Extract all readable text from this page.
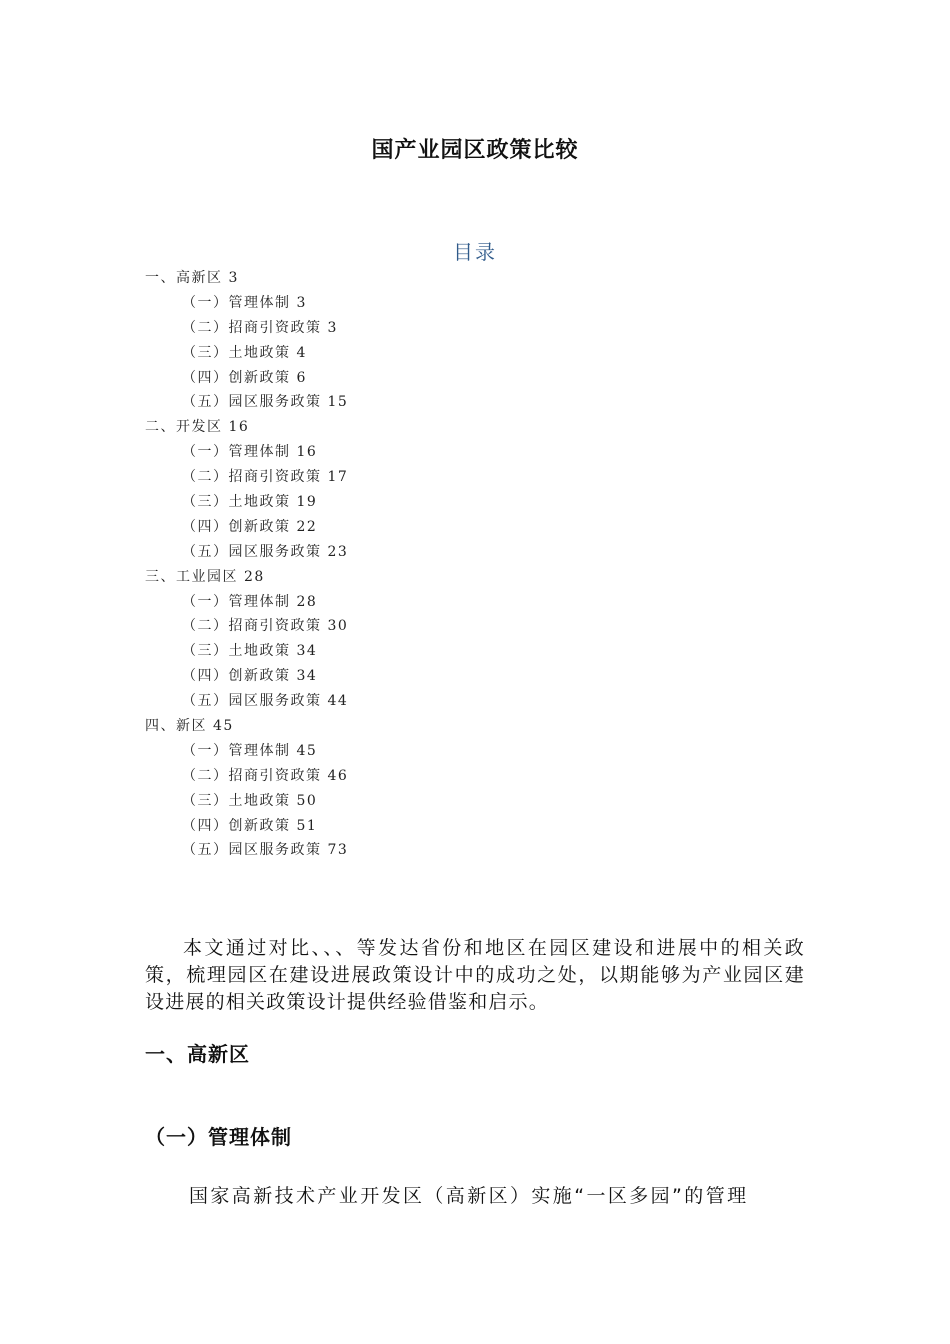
国产业园区政策比较
目录
一、高新区 3
（一）管理体制 3
（二）招商引资政策 3
（三）土地政策 4
（四）创新政策 6
（五）园区服务政策 15
二、开发区 16
（一）管理体制 16
（二）招商引资政策 17
（三）土地政策 19
（四）创新政策 22
（五）园区服务政策 23
三、工业园区 28
（一）管理体制 28
（二）招商引资政策 30
（三）土地政策 34
（四）创新政策 34
（五）园区服务政策 44
四、新区 45
（一）管理体制 45
（二）招商引资政策 46
（三）土地政策 50
（四）创新政策 51
（五）园区服务政策 73

本文通过对比、、、等发达省份和地区在园区建设和进展中的相关政策，梳理园区在建设进展政策设计中的成功之处，以期能够为产业园区建设进展的相关政策设计提供经验借鉴和启示。

一、高新区
（一）管理体制

国家高新技术产业开发区（高新区）实施“一区多园”的管理
